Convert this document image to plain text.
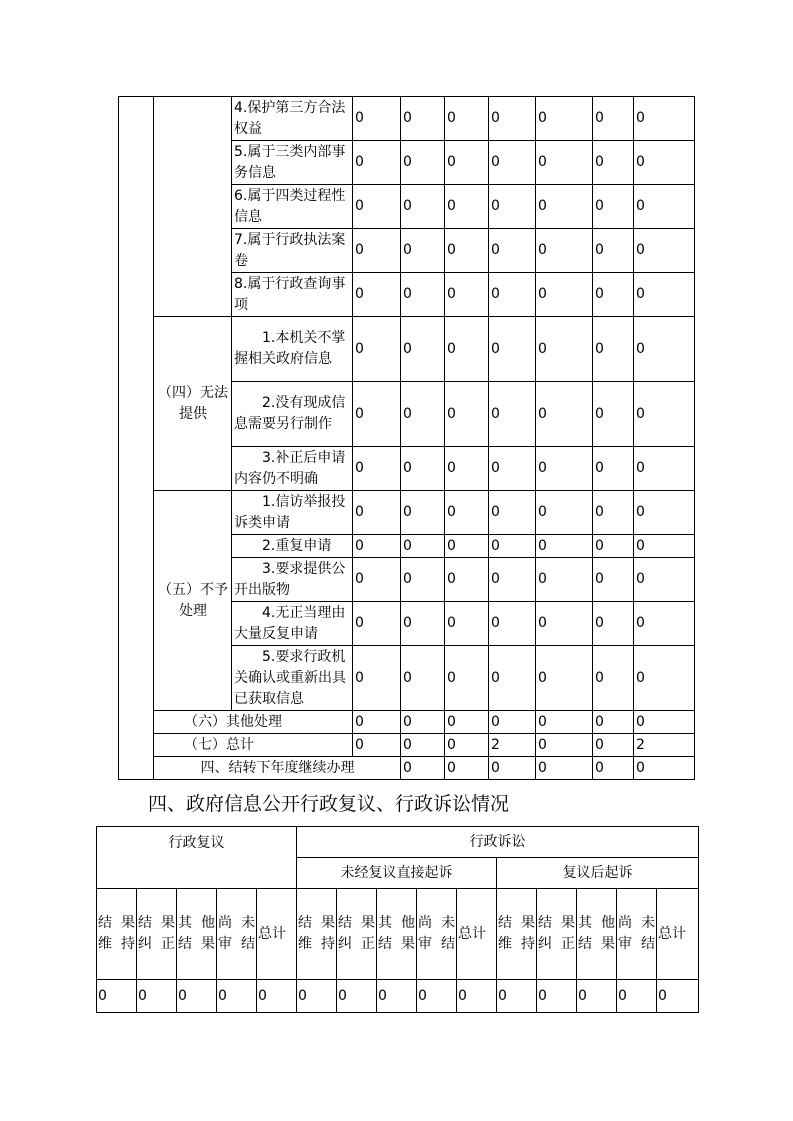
		4.保护第三方合法权益	0	0	0	0	0	0	0	
		5.属于三类内部事务信息	0	0	0	0	0	0	0	
		6.属于四类过程性信息	0	0	0	0	0	0	0	
		7.属于行政执法案卷	0	0	0	0	0	0	0	
		8.属于行政查询事项	0	0	0	0	0	0	0	
	（四）无法提供	1.本机关不掌握相关政府信息	0	0	0	0	0	0	0	
		2.没有现成信息需要另行制作	0	0	0	0	0	0	0	
		3.补正后申请内容仍不明确	0	0	0	0	0	0	0	
	（五）不予处理	1.信访举报投诉类申请	0	0	0	0	0	0	0	
		2.重复申请	0	0	0	0	0	0	0	
		3.要求提供公开出版物	0	0	0	0	0	0	0	
		4.无正当理由大量反复申请	0	0	0	0	0	0	0	
		5.要求行政机关确认或重新出具已获取信息	0	0	0	0	0	0	0	
	（六）其他处理		0	0	0	0	0	0	0	
	（七）总计		0	0	0	2	0	0	2	
	四、结转下年度继续办理			0	0	0	0	0	0	
四、政府信息公开行政复议、行政诉讼情况
行政复议					行政诉讼									
					未经复议直接起诉					复议后起诉				
结果维持	结果纠正	其他结果	尚未审结	总计	结果维持	结果纠正	其他结果	尚未审结	总计	结果维持	结果纠正	其他结果	尚未审结	总计
0	0	0	0	0	0	0	0	0	0	0	0	0	0	0
